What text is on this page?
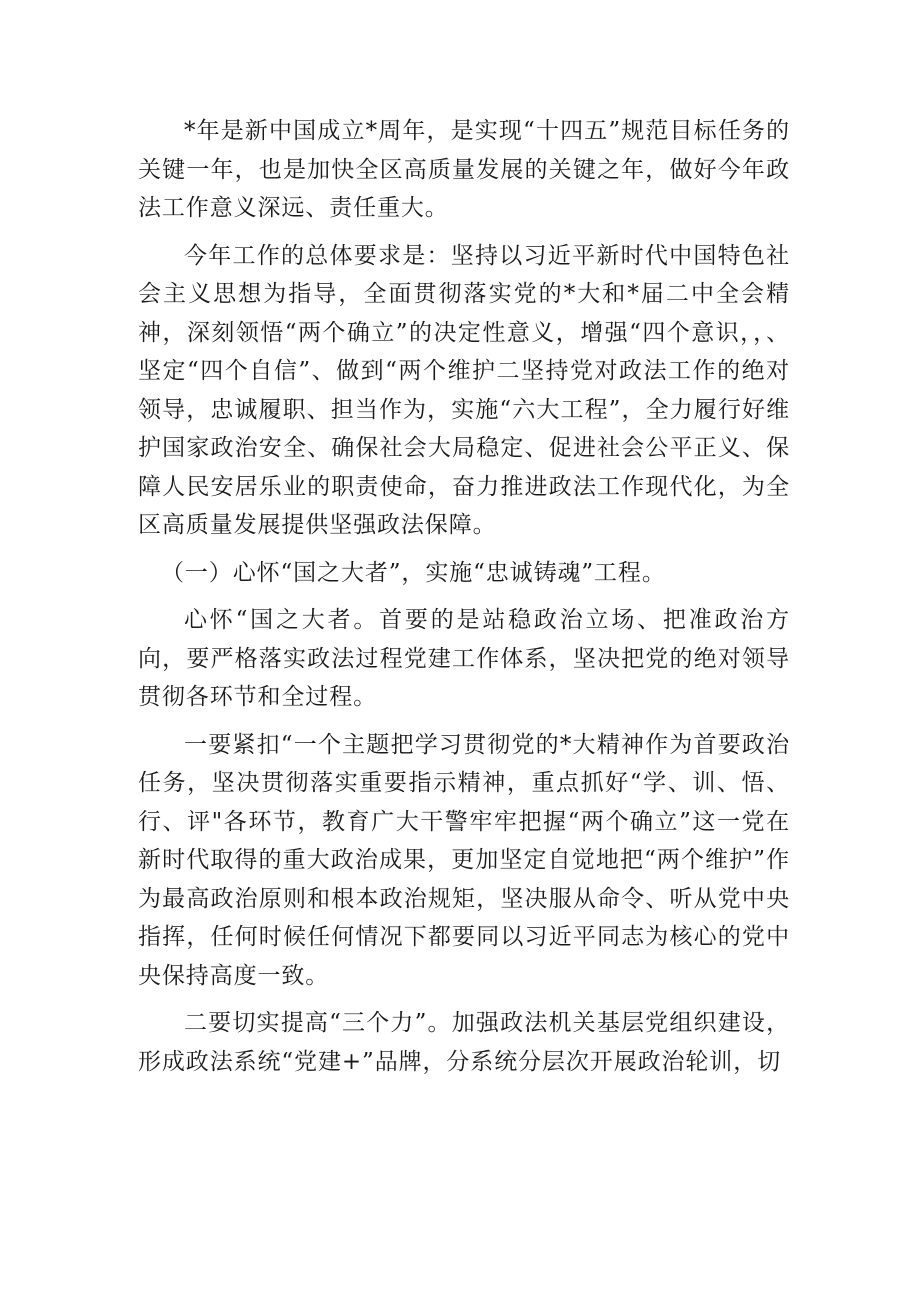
*年是新中国成立*周年，是实现“十四五”规范目标任务的关键一年，也是加快全区高质量发展的关键之年，做好今年政法工作意义深远、责任重大。

今年工作的总体要求是：坚持以习近平新时代中国特色社会主义思想为指导，全面贯彻落实党的*大和*届二中全会精神，深刻领悟“两个确立”的决定性意义，增强“四个意识，，、坚定“四个自信”、做到“两个维护二坚持党对政法工作的绝对领导，忠诚履职、担当作为，实施“六大工程”，全力履行好维护国家政治安全、确保社会大局稳定、促进社会公平正义、保障人民安居乐业的职责使命，奋力推进政法工作现代化，为全区高质量发展提供坚强政法保障。

（一）心怀“国之大者”，实施“忠诚铸魂”工程。

心怀“国之大者。首要的是站稳政治立场、把准政治方向，要严格落实政法过程党建工作体系，坚决把党的绝对领导贯彻各环节和全过程。

一要紧扣“一个主题把学习贯彻党的*大精神作为首要政治任务，坚决贯彻落实重要指示精神，重点抓好“学、训、悟、行、评"各环节，教育广大干警牢牢把握“两个确立”这一党在新时代取得的重大政治成果，更加坚定自觉地把“两个维护”作为最高政治原则和根本政治规矩，坚决服从命令、听从党中央指挥，任何时候任何情况下都要同以习近平同志为核心的党中央保持高度一致。

二要切实提高“三个力”。加强政法机关基层党组织建设，形成政法系统“党建+”品牌，分系统分层次开展政治轮训，切
